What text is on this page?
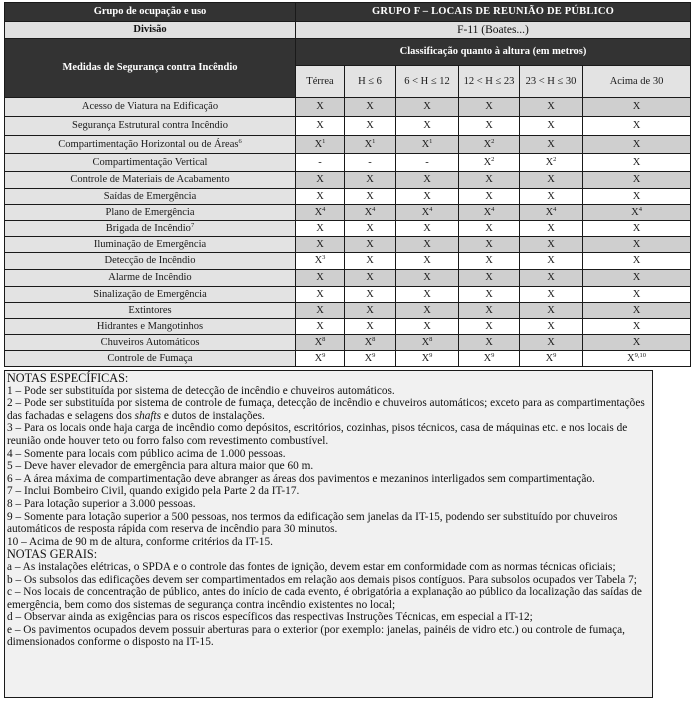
Grupo de ocupação e uso	GRUPO F – LOCAIS DE REUNIÃO DE PÚBLICO					
Divisão	F-11 (Boates...)					
Medidas de Segurança contra Incêndio	Classificação quanto à altura (em metros)					
	Térrea	H ≤ 6	6 < H ≤ 12	12 < H ≤ 23	23 < H ≤ 30	Acima de 30
Acesso de Viatura na Edificação	X	X	X	X	X	X
Segurança Estrutural contra Incêndio	X	X	X	X	X	X
Compartimentação Horizontal ou de Áreas$^6$	$X^1$	$X^1$	$X^1$	$X^2$	X	X
Compartimentação Vertical	-	-	-	$X^2$	$X^2$	X
Controle de Materiais de Acabamento	X	X	X	X	X	X
Saídas de Emergência	X	X	X	X	X	X
Plano de Emergência	$X^4$	$X^4$	$X^4$	$X^4$	$X^4$	$X^4$
Brigada de Incêndio$^7$	X	X	X	X	X	X
Iluminação de Emergência	X	X	X	X	X	X
Detecção de Incêndio	$X^3$	X	X	X	X	X
Alarme de Incêndio	X	X	X	X	X	X
Sinalização de Emergência	X	X	X	X	X	X
Extintores	X	X	X	X	X	X
Hidrantes e Mangotinhos	X	X	X	X	X	X
Chuveiros Automáticos	$X^8$	$X^8$	$X^8$	X	X	X
Controle de Fumaça	$X^9$	$X^9$	$X^9$	$X^9$	$X^9$	X$^{9,10}$

NOTAS ESPECÍFICAS:

1 – Pode ser substituída por sistema de detecção de incêndio e chuveiros automáticos.

2 – Pode ser substituída por sistema de controle de fumaça, detecção de incêndio e chuveiros automáticos; exceto para as compartimentações das fachadas e selagens dos shafts e dutos de instalações.

3 – Para os locais onde haja carga de incêndio como depósitos, escritórios, cozinhas, pisos técnicos, casa de máquinas etc. e nos locais de reunião onde houver teto ou forro falso com revestimento combustível.

4 – Somente para locais com público acima de 1.000 pessoas.

5 – Deve haver elevador de emergência para altura maior que 60 m.

6 – A área máxima de compartimentação deve abranger as áreas dos pavimentos e mezaninos interligados sem compartimentação.

7 – Inclui Bombeiro Civil, quando exigido pela Parte 2 da IT-17.

8 – Para lotação superior a 3.000 pessoas.

9 – Somente para lotação superior a 500 pessoas, nos termos da edificação sem janelas da IT-15, podendo ser substituído por chuveiros automáticos de resposta rápida com reserva de incêndio para 30 minutos.

10 – Acima de 90 m de altura, conforme critérios da IT-15.

NOTAS GERAIS:

a – As instalações elétricas, o SPDA e o controle das fontes de ignição, devem estar em conformidade com as normas técnicas oficiais;

b – Os subsolos das edificações devem ser compartimentados em relação aos demais pisos contíguos. Para subsolos ocupados ver Tabela 7;

c – Nos locais de concentração de público, antes do início de cada evento, é obrigatória a explanação ao público da localização das saídas de emergência, bem como dos sistemas de segurança contra incêndio existentes no local;

d – Observar ainda as exigências para os riscos específicos das respectivas Instruções Técnicas, em especial a IT-12;

e – Os pavimentos ocupados devem possuir aberturas para o exterior (por exemplo: janelas, painéis de vidro etc.) ou controle de fumaça, dimensionados conforme o disposto na IT-15.
